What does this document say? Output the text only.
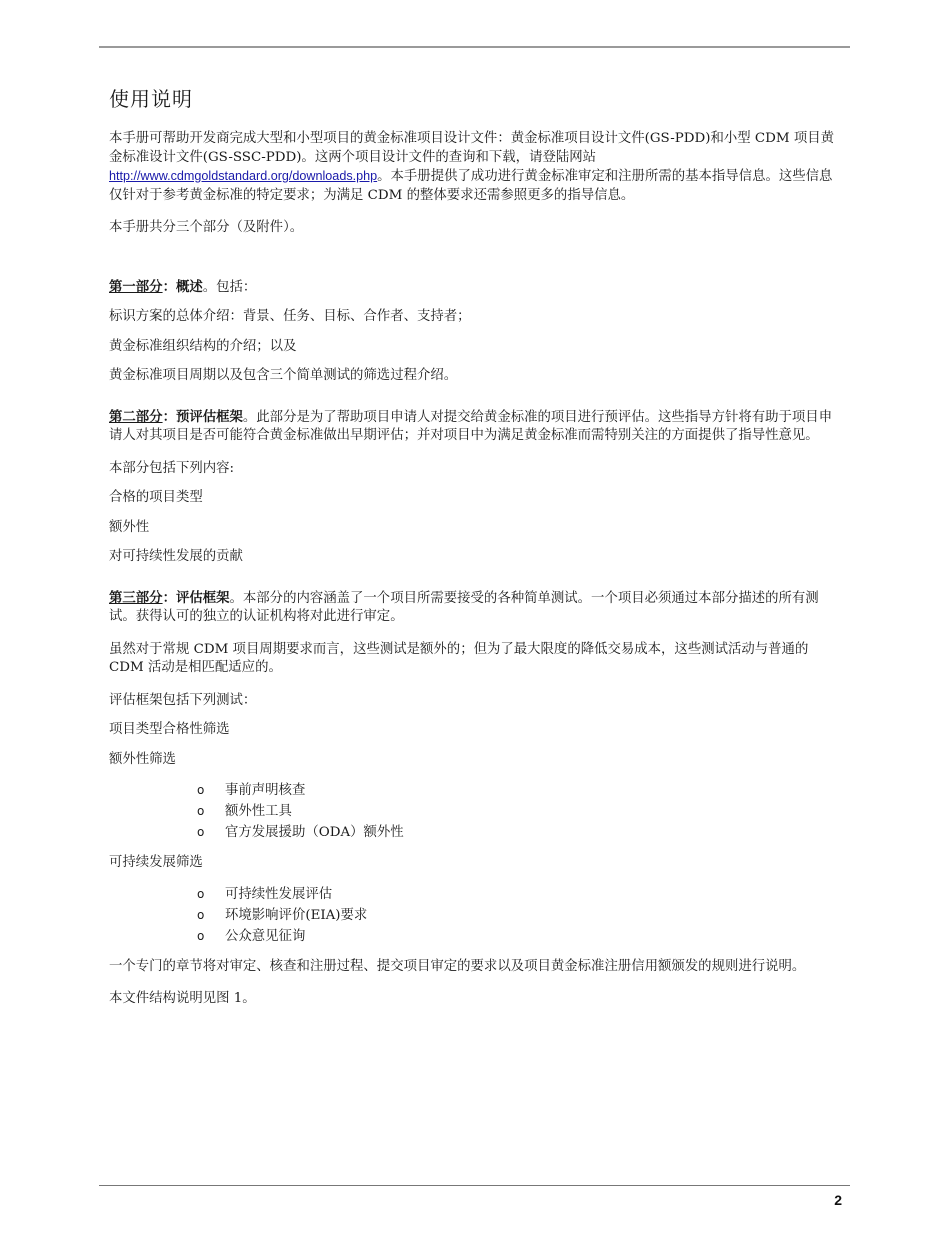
使用说明

本手册可帮助开发商完成大型和小型项目的黄金标准项目设计文件：黄金标准项目设计文件(GS-PDD)和小型 CDM 项目黄金标准设计文件(GS-SSC-PDD)。这两个项目设计文件的查询和下载，请登陆网站http://www.cdmgoldstandard.org/downloads.php。本手册提供了成功进行黄金标准审定和注册所需的基本指导信息。这些信息仅针对于参考黄金标准的特定要求；为满足 CDM 的整体要求还需参照更多的指导信息。

本手册共分三个部分（及附件）。

第一部分：概述。包括：

标识方案的总体介绍：背景、任务、目标、合作者、支持者；

黄金标准组织结构的介绍；以及

黄金标准项目周期以及包含三个简单测试的筛选过程介绍。

第二部分：预评估框架。此部分是为了帮助项目申请人对提交给黄金标准的项目进行预评估。这些指导方针将有助于项目申请人对其项目是否可能符合黄金标准做出早期评估；并对项目中为满足黄金标准而需特别关注的方面提供了指导性意见。

本部分包括下列内容:

合格的项目类型

额外性

对可持续性发展的贡献

第三部分：评估框架。本部分的内容涵盖了一个项目所需要接受的各种简单测试。一个项目必须通过本部分描述的所有测试。获得认可的独立的认证机构将对此进行审定。

虽然对于常规 CDM 项目周期要求而言，这些测试是额外的；但为了最大限度的降低交易成本，这些测试活动与普通的 CDM 活动是相匹配适应的。

评估框架包括下列测试：

项目类型合格性筛选

额外性筛选

o 事前声明核查
o 额外性工具
o 官方发展援助（ODA）额外性

可持续发展筛选

o 可持续性发展评估
o 环境影响评价(EIA)要求
o 公众意见征询

一个专门的章节将对审定、核查和注册过程、提交项目审定的要求以及项目黄金标准注册信用额颁发的规则进行说明。

本文件结构说明见图 1。

2
